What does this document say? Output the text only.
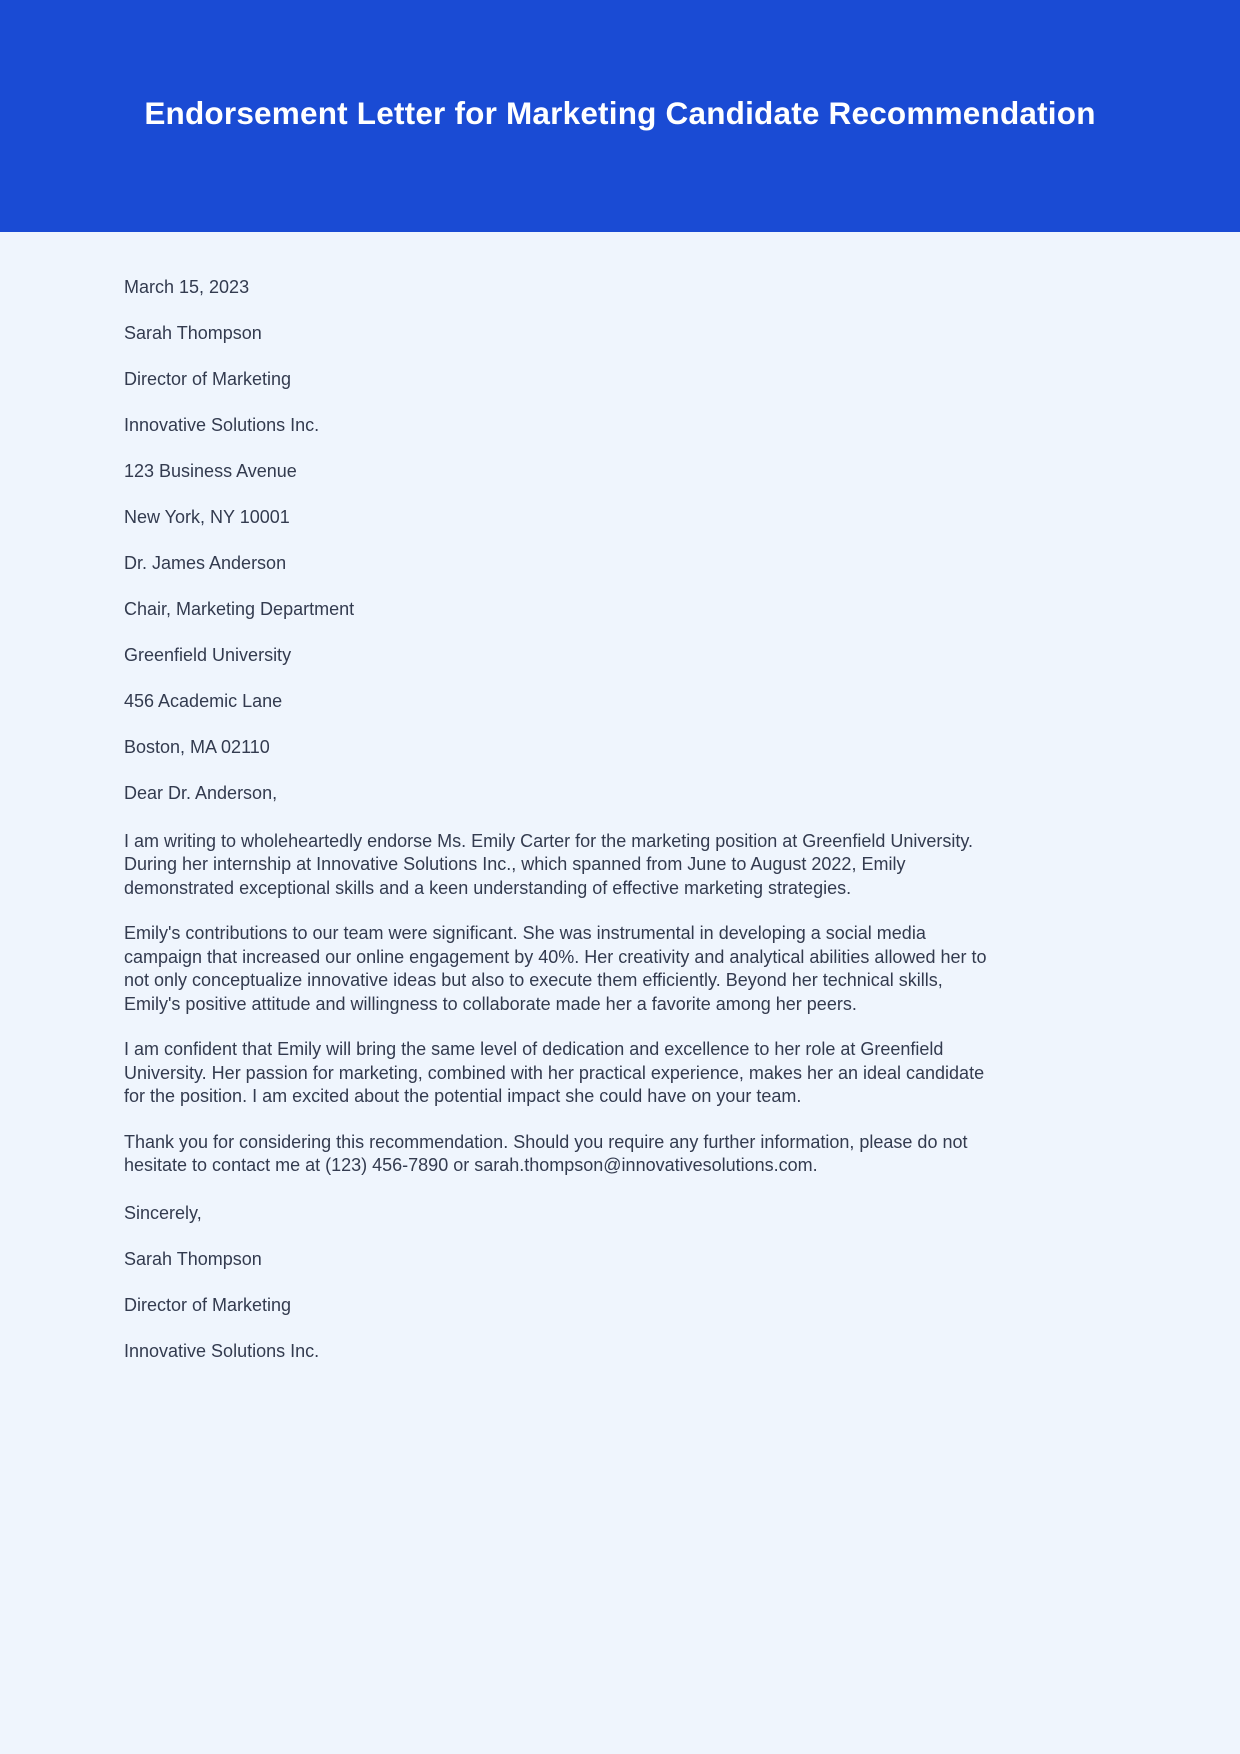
Endorsement Letter for Marketing Candidate Recommendation

March 15, 2023

Sarah Thompson

Director of Marketing

Innovative Solutions Inc.

123 Business Avenue

New York, NY 10001

Dr. James Anderson

Chair, Marketing Department

Greenfield University

456 Academic Lane

Boston, MA 02110

Dear Dr. Anderson,

I am writing to wholeheartedly endorse Ms. Emily Carter for the marketing position at Greenfield University. During her internship at Innovative Solutions Inc., which spanned from June to August 2022, Emily demonstrated exceptional skills and a keen understanding of effective marketing strategies.

Emily's contributions to our team were significant. She was instrumental in developing a social media campaign that increased our online engagement by 40%. Her creativity and analytical abilities allowed her to not only conceptualize innovative ideas but also to execute them efficiently. Beyond her technical skills, Emily's positive attitude and willingness to collaborate made her a favorite among her peers.

I am confident that Emily will bring the same level of dedication and excellence to her role at Greenfield University. Her passion for marketing, combined with her practical experience, makes her an ideal candidate for the position. I am excited about the potential impact she could have on your team.

Thank you for considering this recommendation. Should you require any further information, please do not hesitate to contact me at (123) 456-7890 or sarah.thompson@innovativesolutions.com.

Sincerely,

Sarah Thompson

Director of Marketing

Innovative Solutions Inc.
